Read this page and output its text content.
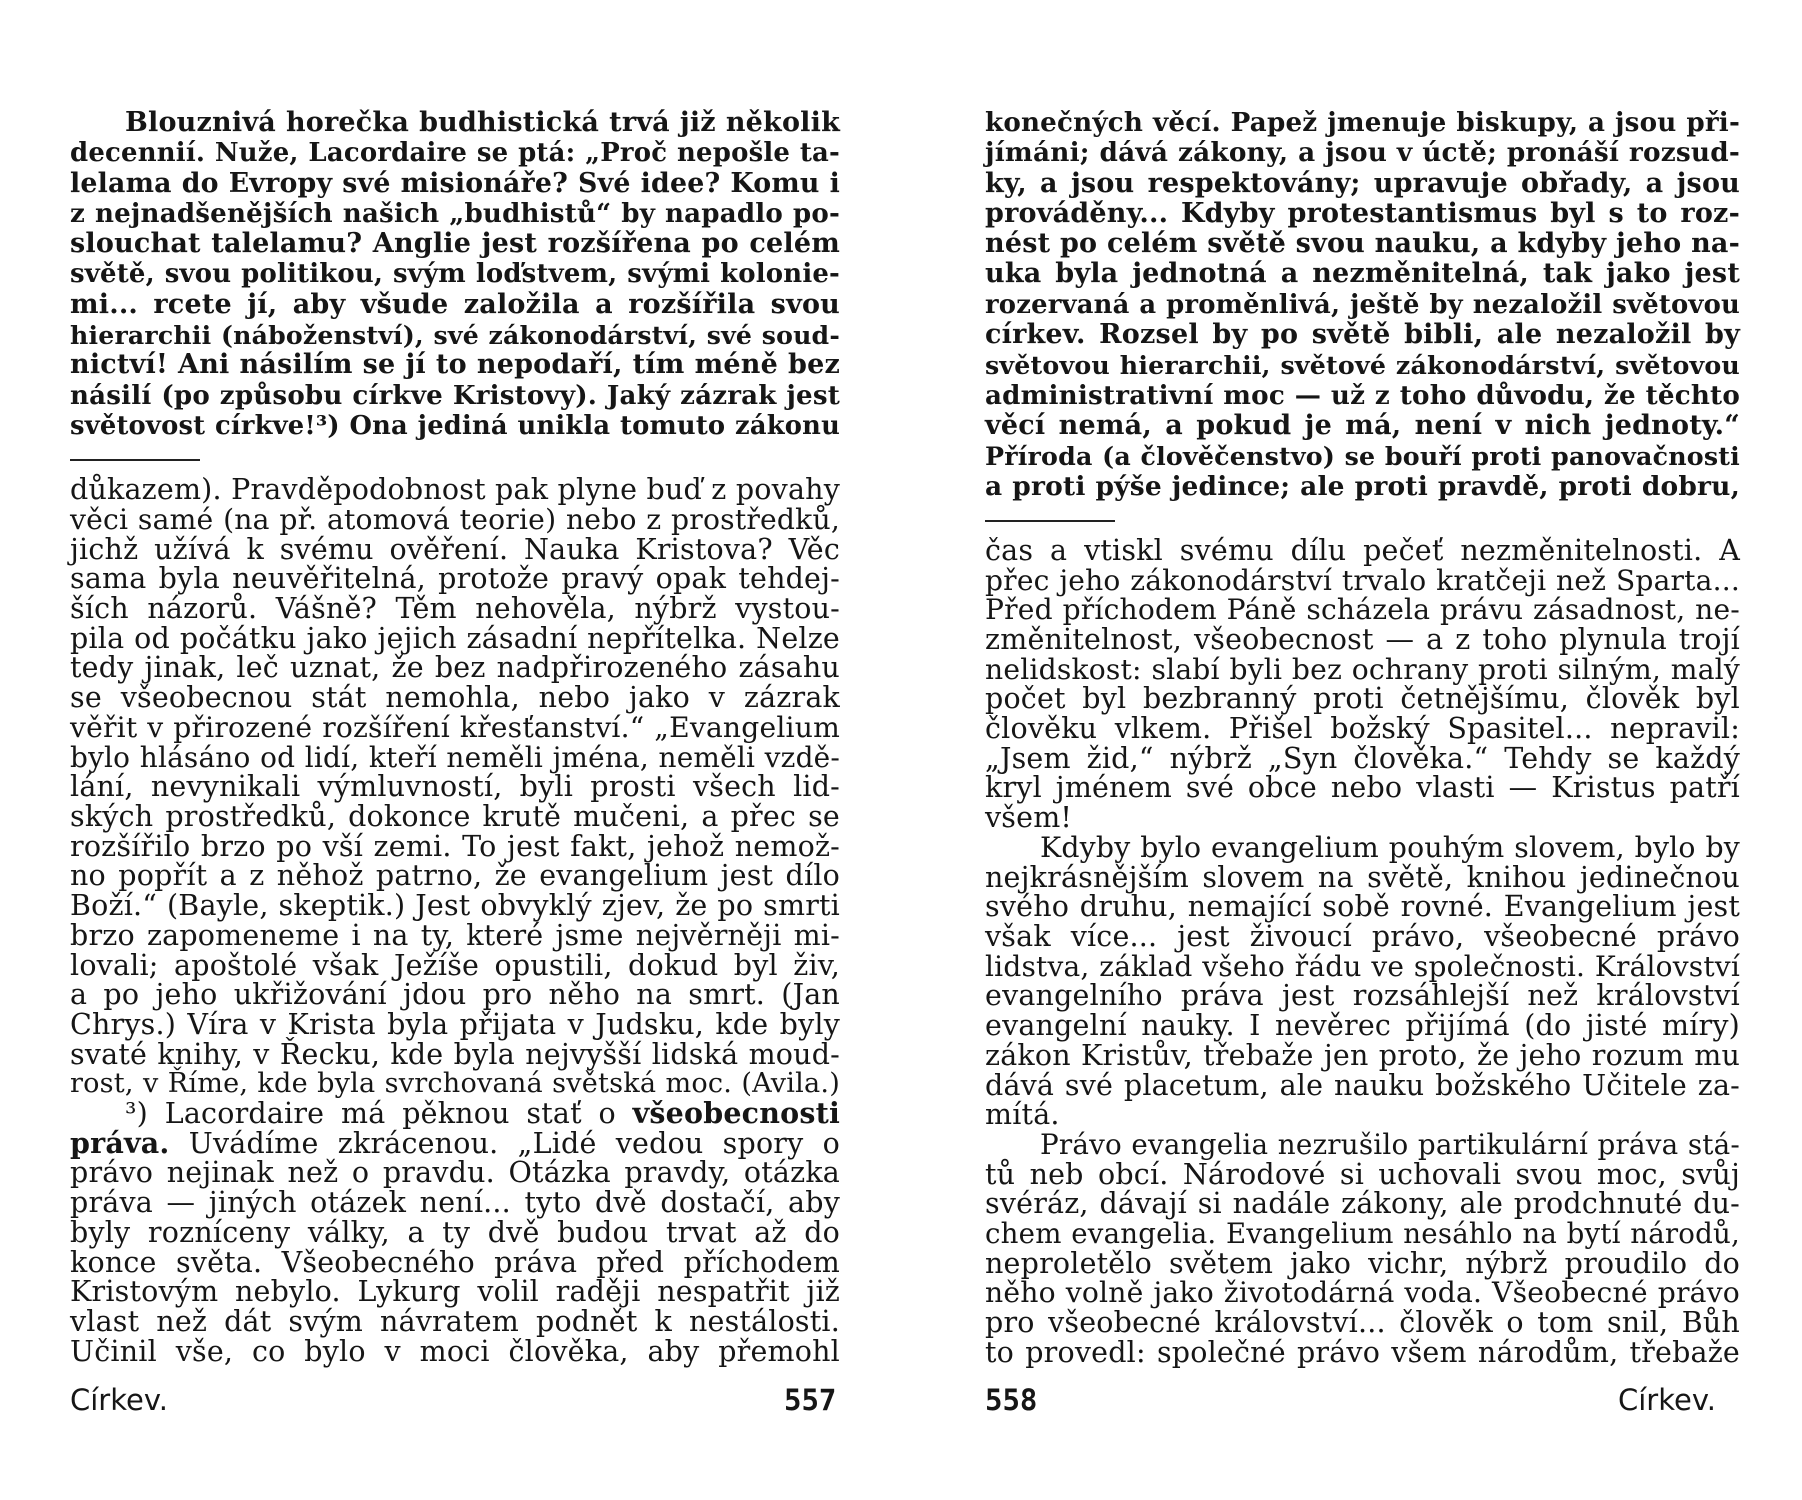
Blouznivá horečka budhistická trvá již několik
decennií. Nuže, Lacordaire se ptá: „Proč nepošle ta-
lelama do Evropy své misionáře? Své idee? Komu i
z nejnadšenějších našich „budhistů“ by napadlo po-
slouchat talelamu? Anglie jest rozšířena po celém
světě, svou politikou, svým loďstvem, svými kolonie-
mi... rcete jí, aby všude založila a rozšířila svou
hierarchii (náboženství), své zákonodárství, své soud-
nictví! Ani násilím se jí to nepodaří, tím méně bez
násilí (po způsobu církve Kristovy). Jaký zázrak jest
světovost církve!³) Ona jediná unikla tomuto zákonu
důkazem). Pravděpodobnost pak plyne buď z povahy
věci samé (na př. atomová teorie) nebo z prostředků,
jichž užívá k svému ověření. Nauka Kristova? Věc
sama byla neuvěřitelná, protože pravý opak tehdej-
ších názorů. Vášně? Těm nehověla, nýbrž vystou-
pila od počátku jako jejich zásadní nepřítelka. Nelze
tedy jinak, leč uznat, že bez nadpřirozeného zásahu
se všeobecnou stát nemohla, nebo jako v zázrak
věřit v přirozené rozšíření křesťanství.“ „Evangelium
bylo hlásáno od lidí, kteří neměli jména, neměli vzdě-
lání, nevynikali výmluvností, byli prosti všech lid-
ských prostředků, dokonce krutě mučeni, a přec se
rozšířilo brzo po vší zemi. To jest fakt, jehož nemož-
no popřít a z něhož patrno, že evangelium jest dílo
Boží.“ (Bayle, skeptik.) Jest obvyklý zjev, že po smrti
brzo zapomeneme i na ty, které jsme nejvěrněji mi-
lovali; apoštolé však Ježíše opustili, dokud byl živ,
a po jeho ukřižování jdou pro něho na smrt. (Jan
Chrys.) Víra v Krista byla přijata v Judsku, kde byly
svaté knihy, v Řecku, kde byla nejvyšší lidská moud-
rost, v Říme, kde byla svrchovaná světská moc. (Avila.)
³) Lacordaire má pěknou stať o všeobecnosti
práva. Uvádíme zkrácenou. „Lidé vedou spory o
právo nejinak než o pravdu. Otázka pravdy, otázka
práva — jiných otázek není... tyto dvě dostačí, aby
byly rozníceny války, a ty dvě budou trvat až do
konce světa. Všeobecného práva před příchodem
Kristovým nebylo. Lykurg volil raději nespatřit již
vlast než dát svým návratem podnět k nestálosti.
Učinil vše, co bylo v moci člověka, aby přemohl
konečných věcí. Papež jmenuje biskupy, a jsou při-
jímáni; dává zákony, a jsou v úctě; pronáší rozsud-
ky, a jsou respektovány; upravuje obřady, a jsou
prováděny... Kdyby protestantismus byl s to roz-
nést po celém světě svou nauku, a kdyby jeho na-
uka byla jednotná a nezměnitelná, tak jako jest
rozervaná a proměnlivá, ještě by nezaložil světovou
církev. Rozsel by po světě bibli, ale nezaložil by
světovou hierarchii, světové zákonodárství, světovou
administrativní moc — už z toho důvodu, že těchto
věcí nemá, a pokud je má, není v nich jednoty.“
Příroda (a člověčenstvo) se bouří proti panovačnosti
a proti pýše jedince; ale proti pravdě, proti dobru,
čas a vtiskl svému dílu pečeť nezměnitelnosti. A
přec jeho zákonodárství trvalo kratčeji než Sparta...
Před příchodem Páně scházela právu zásadnost, ne-
změnitelnost, všeobecnost — a z toho plynula trojí
nelidskost: slabí byli bez ochrany proti silným, malý
počet byl bezbranný proti četnějšímu, člověk byl
člověku vlkem. Přišel božský Spasitel... nepravil:
„Jsem žid,“ nýbrž „Syn člověka.“ Tehdy se každý
kryl jménem své obce nebo vlasti — Kristus patří
všem!
Kdyby bylo evangelium pouhým slovem, bylo by
nejkrásnějším slovem na světě, knihou jedinečnou
svého druhu, nemající sobě rovné. Evangelium jest
však více... jest živoucí právo, všeobecné právo
lidstva, základ všeho řádu ve společnosti. Království
evangelního práva jest rozsáhlejší než království
evangelní nauky. I nevěrec přijímá (do jisté míry)
zákon Kristův, třebaže jen proto, že jeho rozum mu
dává své placetum, ale nauku božského Učitele za-
mítá.
Právo evangelia nezrušilo partikulární práva stá-
tů neb obcí. Národové si uchovali svou moc, svůj
svéráz, dávají si nadále zákony, ale prodchnuté du-
chem evangelia. Evangelium nesáhlo na bytí národů,
neproletělo světem jako vichr, nýbrž proudilo do
něho volně jako životodárná voda. Všeobecné právo
pro všeobecné království... člověk o tom snil, Bůh
to provedl: společné právo všem národům, třebaže
Církev.	557	558	Církev.
